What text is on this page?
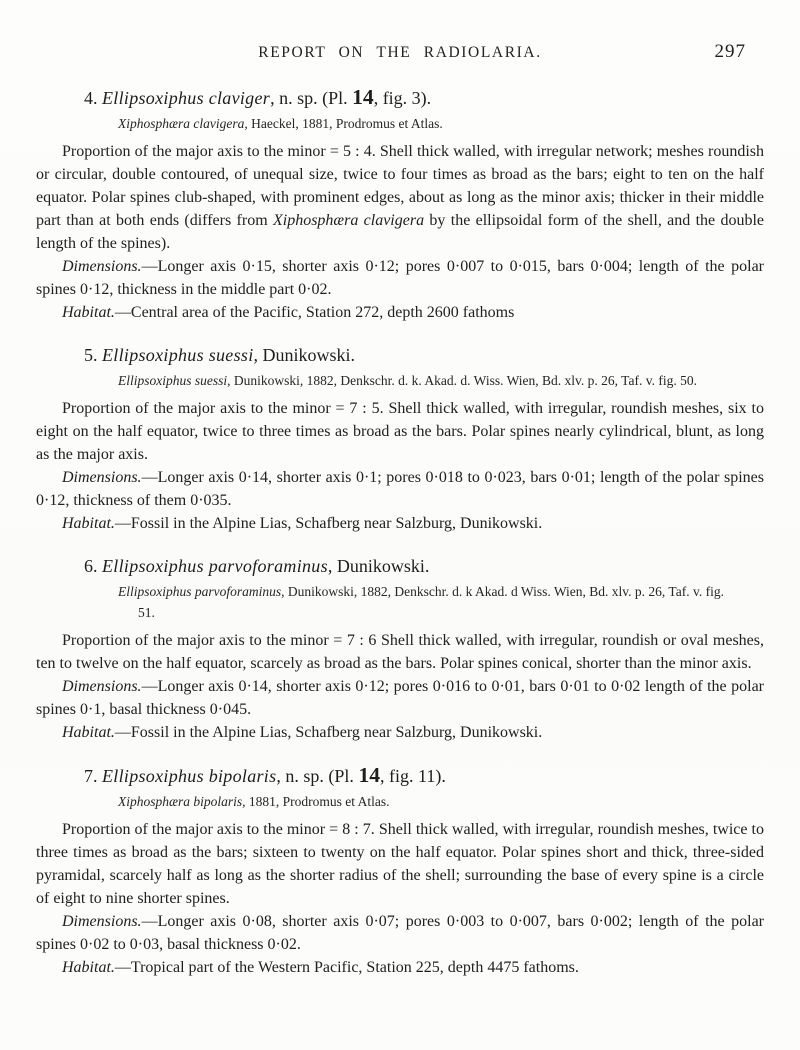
REPORT ON THE RADIOLARIA.	297
4. Ellipsoxiphus claviger, n. sp. (Pl. 14, fig. 3).

Xiphosphæra clavigera, Haeckel, 1881, Prodromus et Atlas.

Proportion of the major axis to the minor = 5 : 4. Shell thick walled, with irregular network; meshes roundish or circular, double contoured, of unequal size, twice to four times as broad as the bars; eight to ten on the half equator. Polar spines club-shaped, with prominent edges, about as long as the minor axis; thicker in their middle part than at both ends (differs from Xiphosphæra clavigera by the ellipsoidal form of the shell, and the double length of the spines).

Dimensions.—Longer axis 0·15, shorter axis 0·12; pores 0·007 to 0·015, bars 0·004; length of the polar spines 0·12, thickness in the middle part 0·02.

Habitat.—Central area of the Pacific, Station 272, depth 2600 fathoms

5. Ellipsoxiphus suessi, Dunikowski.

Ellipsoxiphus suessi, Dunikowski, 1882, Denkschr. d. k. Akad. d. Wiss. Wien, Bd. xlv. p. 26, Taf. v. fig. 50.

Proportion of the major axis to the minor = 7 : 5. Shell thick walled, with irregular, roundish meshes, six to eight on the half equator, twice to three times as broad as the bars. Polar spines nearly cylindrical, blunt, as long as the major axis.

Dimensions.—Longer axis 0·14, shorter axis 0·1; pores 0·018 to 0·023, bars 0·01; length of the polar spines 0·12, thickness of them 0·035.

Habitat.—Fossil in the Alpine Lias, Schafberg near Salzburg, Dunikowski.

6. Ellipsoxiphus parvoforaminus, Dunikowski.

Ellipsoxiphus parvoforaminus, Dunikowski, 1882, Denkschr. d. k Akad. d Wiss. Wien, Bd. xlv. p. 26, Taf. v. fig. 51.

Proportion of the major axis to the minor = 7 : 6 Shell thick walled, with irregular, roundish or oval meshes, ten to twelve on the half equator, scarcely as broad as the bars. Polar spines conical, shorter than the minor axis.

Dimensions.—Longer axis 0·14, shorter axis 0·12; pores 0·016 to 0·01, bars 0·01 to 0·02 length of the polar spines 0·1, basal thickness 0·045.

Habitat.—Fossil in the Alpine Lias, Schafberg near Salzburg, Dunikowski.

7. Ellipsoxiphus bipolaris, n. sp. (Pl. 14, fig. 11).

Xiphosphæra bipolaris, 1881, Prodromus et Atlas.

Proportion of the major axis to the minor = 8 : 7. Shell thick walled, with irregular, roundish meshes, twice to three times as broad as the bars; sixteen to twenty on the half equator. Polar spines short and thick, three-sided pyramidal, scarcely half as long as the shorter radius of the shell; surrounding the base of every spine is a circle of eight to nine shorter spines.

Dimensions.—Longer axis 0·08, shorter axis 0·07; pores 0·003 to 0·007, bars 0·002; length of the polar spines 0·02 to 0·03, basal thickness 0·02.

Habitat.—Tropical part of the Western Pacific, Station 225, depth 4475 fathoms.
